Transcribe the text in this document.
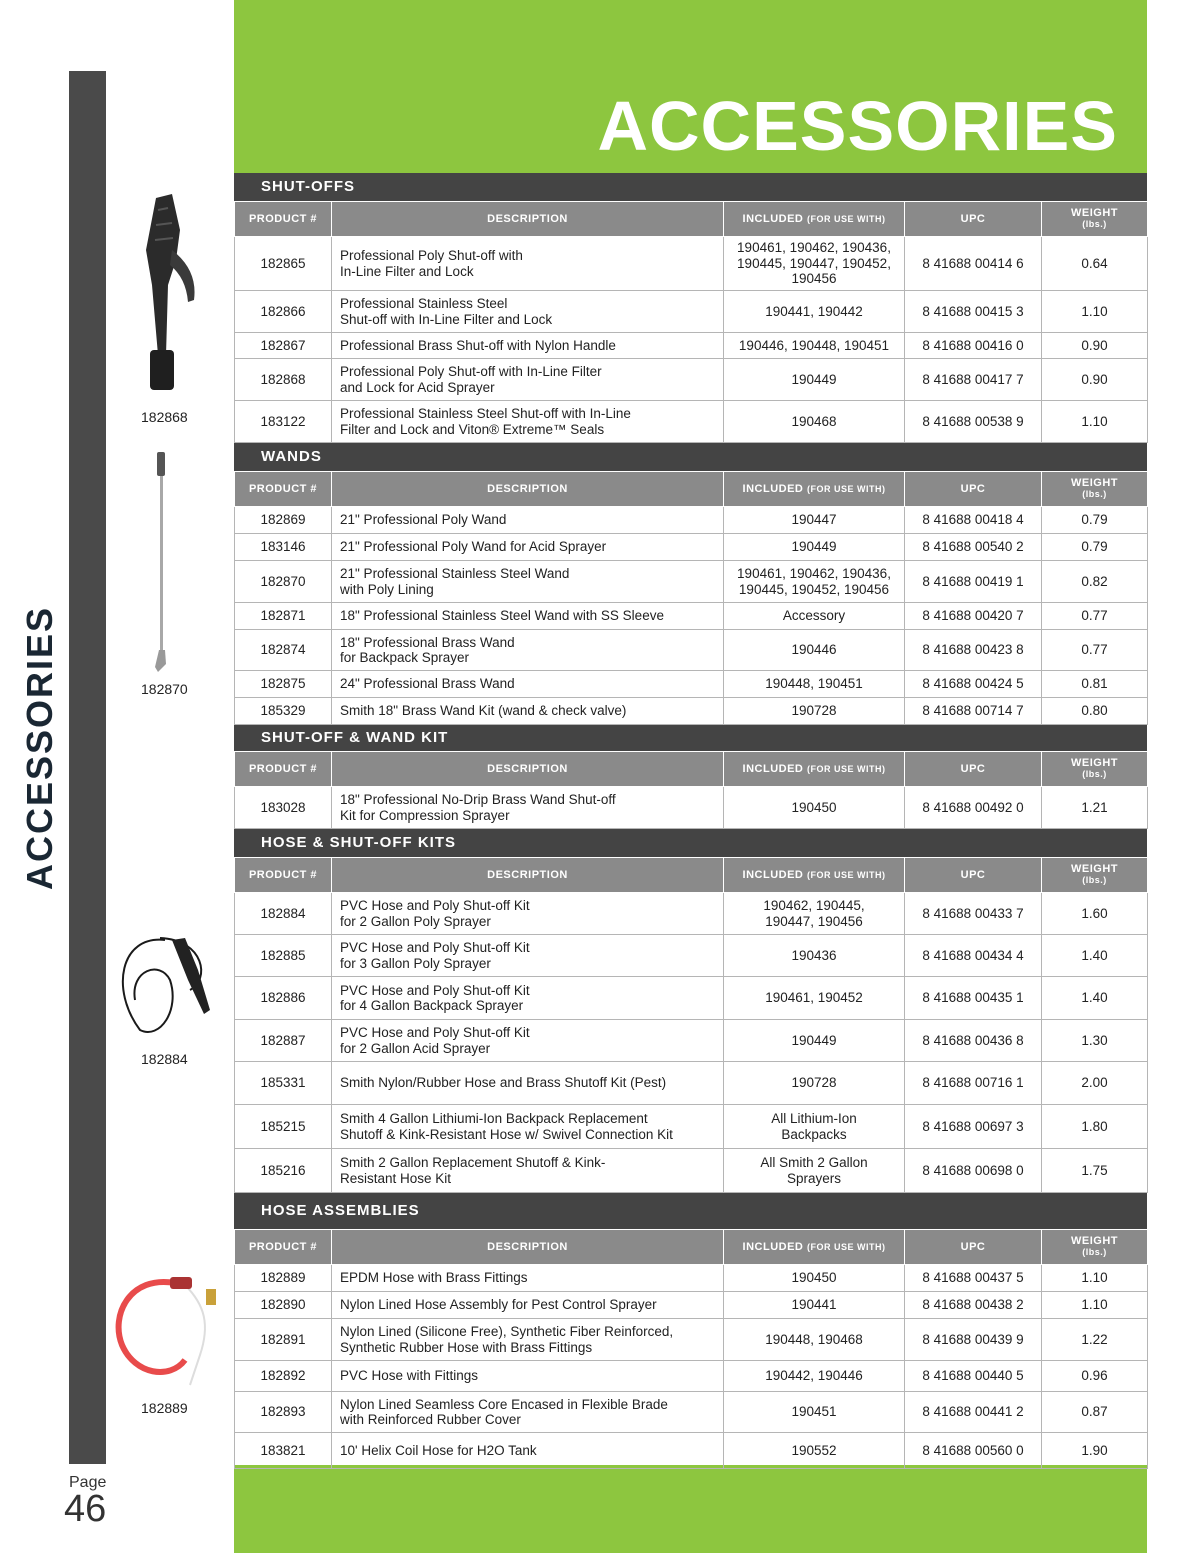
ACCESSORIES
Page
46
ACCESSORIES
182868
182870
182884
182889
SHUT-OFFS
PRODUCT #	DESCRIPTION	INCLUDED (FOR USE WITH)	UPC	WEIGHT
(lbs.)
182865	Professional Poly Shut-off with
In-Line Filter and Lock	190461, 190462, 190436,
190445, 190447, 190452,
190456	8 41688 00414 6	0.64
182866	Professional Stainless Steel
Shut-off with In-Line Filter and Lock	190441, 190442	8 41688 00415 3	1.10
182867	Professional Brass Shut-off with Nylon Handle	190446, 190448, 190451	8 41688 00416 0	0.90
182868	Professional Poly Shut-off with In-Line Filter
and Lock for Acid Sprayer	190449	8 41688 00417 7	0.90
183122	Professional Stainless Steel Shut-off with In-Line
Filter and Lock and Viton® Extreme™ Seals	190468	8 41688 00538 9	1.10
WANDS
PRODUCT #	DESCRIPTION	INCLUDED (FOR USE WITH)	UPC	WEIGHT
(lbs.)
182869	21" Professional Poly Wand	190447	8 41688 00418 4	0.79
183146	21" Professional Poly Wand for Acid Sprayer	190449	8 41688 00540 2	0.79
182870	21" Professional Stainless Steel Wand
with Poly Lining	190461, 190462, 190436,
190445, 190452, 190456	8 41688 00419 1	0.82
182871	18" Professional Stainless Steel Wand with SS Sleeve	Accessory	8 41688 00420 7	0.77
182874	18" Professional Brass Wand
for Backpack Sprayer	190446	8 41688 00423 8	0.77
182875	24" Professional Brass Wand	190448, 190451	8 41688 00424 5	0.81
185329	Smith 18" Brass Wand Kit (wand & check valve)	190728	8 41688 00714 7	0.80
SHUT-OFF & WAND KIT
PRODUCT #	DESCRIPTION	INCLUDED (FOR USE WITH)	UPC	WEIGHT
(lbs.)
183028	18" Professional No-Drip Brass Wand Shut-off
Kit for Compression Sprayer	190450	8 41688 00492 0	1.21
HOSE & SHUT-OFF KITS
PRODUCT #	DESCRIPTION	INCLUDED (FOR USE WITH)	UPC	WEIGHT
(lbs.)
182884	PVC Hose and Poly Shut-off Kit
for 2 Gallon Poly Sprayer	190462, 190445,
190447, 190456	8 41688 00433 7	1.60
182885	PVC Hose and Poly Shut-off Kit
for 3 Gallon Poly Sprayer	190436	8 41688 00434 4	1.40
182886	PVC Hose and Poly Shut-off Kit
for 4 Gallon Backpack Sprayer	190461, 190452	8 41688 00435 1	1.40
182887	PVC Hose and Poly Shut-off Kit
for 2 Gallon Acid Sprayer	190449	8 41688 00436 8	1.30
185331	Smith Nylon/Rubber Hose and Brass Shutoff Kit (Pest)	190728	8 41688 00716 1	2.00
185215	Smith 4 Gallon Lithiumi-Ion Backpack Replacement
Shutoff & Kink-Resistant Hose w/ Swivel Connection Kit	All Lithium-Ion
Backpacks	8 41688 00697 3	1.80
185216	Smith 2 Gallon Replacement Shutoff & Kink-
Resistant Hose Kit	All Smith 2 Gallon
Sprayers	8 41688 00698 0	1.75
HOSE ASSEMBLIES
PRODUCT #	DESCRIPTION	INCLUDED (FOR USE WITH)	UPC	WEIGHT
(lbs.)
182889	EPDM Hose with Brass Fittings	190450	8 41688 00437 5	1.10
182890	Nylon Lined Hose Assembly for Pest Control Sprayer	190441	8 41688 00438 2	1.10
182891	Nylon Lined (Silicone Free), Synthetic Fiber Reinforced,
Synthetic Rubber Hose with Brass Fittings	190448, 190468	8 41688 00439 9	1.22
182892	PVC Hose with Fittings	190442, 190446	8 41688 00440 5	0.96
182893	Nylon Lined Seamless Core Encased in Flexible Brade
with Reinforced Rubber Cover	190451	8 41688 00441 2	0.87
183821	10' Helix Coil Hose for H2O Tank	190552	8 41688 00560 0	1.90
